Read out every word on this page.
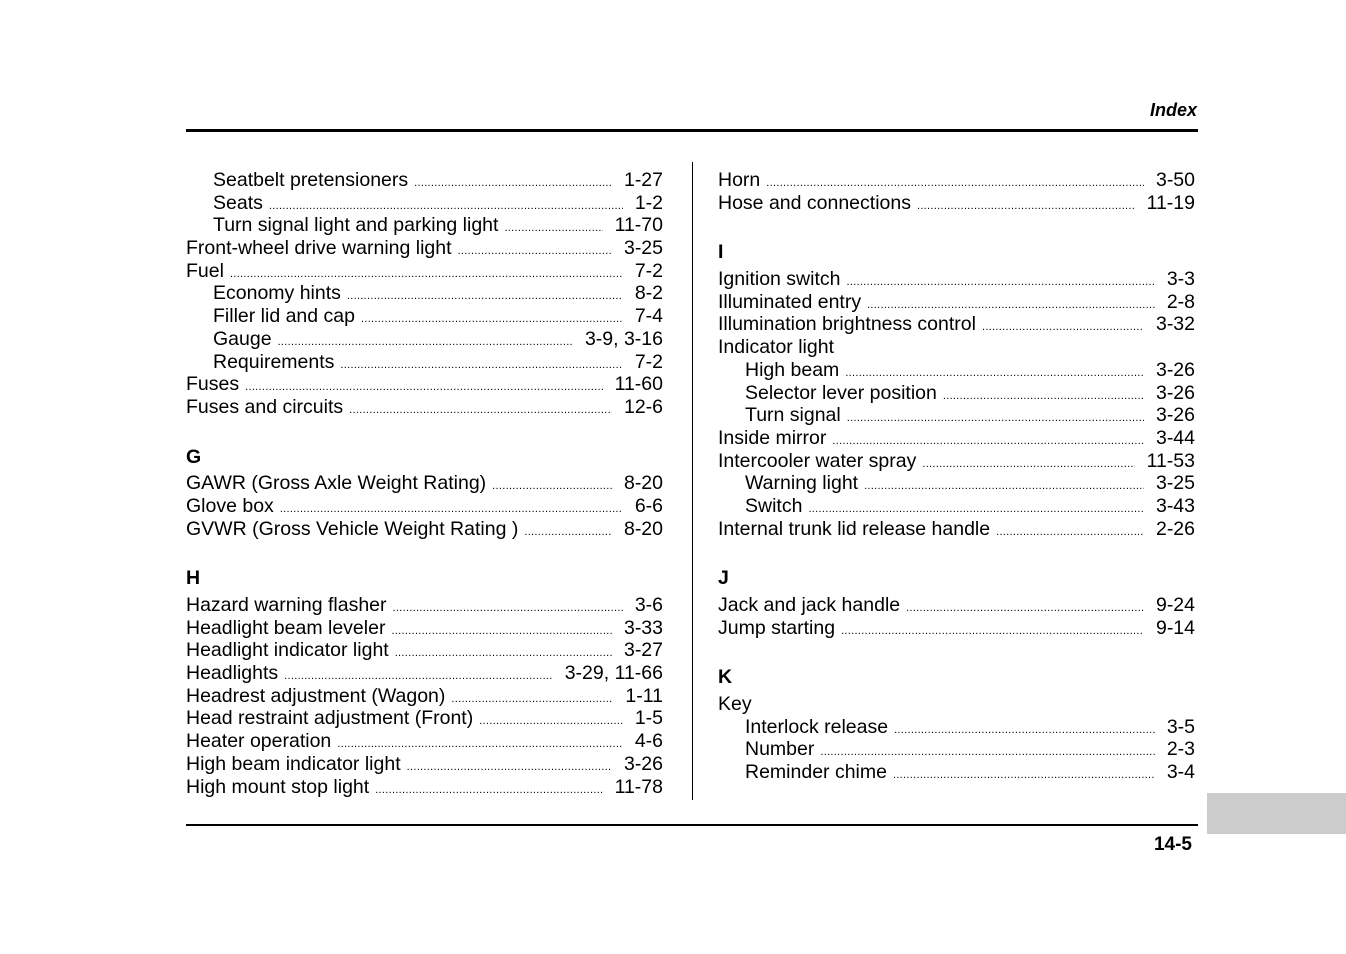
Index
14-5
Seatbelt pretensioners .....	1-27
Seats .....	1-2
Turn signal light and parking light .....	11-70
Front-wheel drive warning light .....	3-25
Fuel .....	7-2
Economy hints .....	8-2
Filler lid and cap .....	7-4
Gauge .....	3-9, 3-16
Requirements .....	7-2
Fuses .....	11-60
Fuses and circuits .....	12-6
G
GAWR (Gross Axle Weight Rating) .....	8-20
Glove box .....	6-6
GVWR (Gross Vehicle Weight Rating ) .....	8-20
H
Hazard warning flasher .....	3-6
Headlight beam leveler .....	3-33
Headlight indicator light .....	3-27
Headlights .....	3-29, 11-66
Headrest adjustment (Wagon) .....	1-11
Head restraint adjustment (Front) .....	1-5
Heater operation .....	4-6
High beam indicator light .....	3-26
High mount stop light .....	11-78
Horn .....	3-50
Hose and connections .....	11-19
I
Ignition switch .....	3-3
Illuminated entry .....	2-8
Illumination brightness control .....	3-32
Indicator light
High beam .....	3-26
Selector lever position .....	3-26
Turn signal .....	3-26
Inside mirror .....	3-44
Intercooler water spray .....	11-53
Warning light .....	3-25
Switch .....	3-43
Internal trunk lid release handle .....	2-26
J
Jack and jack handle .....	9-24
Jump starting .....	9-14
K
Key
Interlock release .....	3-5
Number .....	2-3
Reminder chime .....	3-4
